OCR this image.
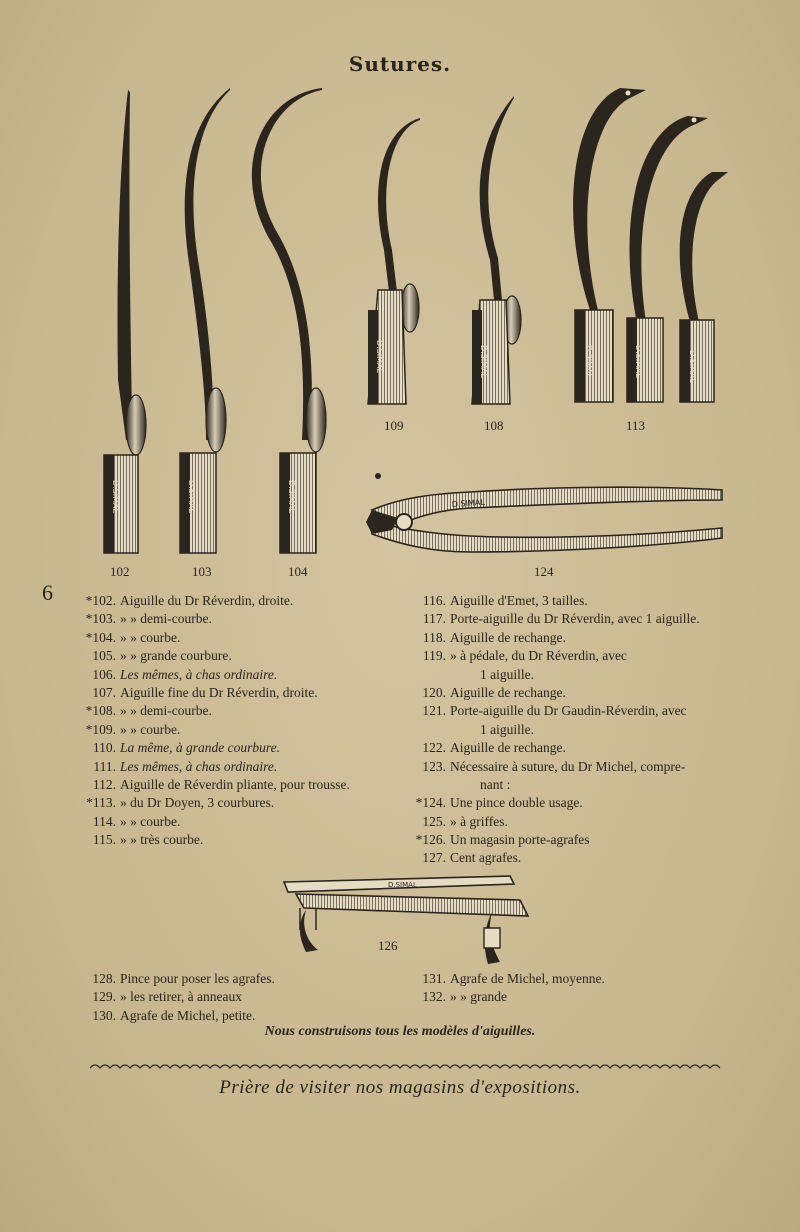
Sutures.
6
D.SIMAL	D.SIMAL	D.SIMAL
D.SIMAL	D.SIMAL	D.SIMAL	D.SIMAL	D.SIMAL
D.SIMAL
D.SIMAL
102	103	104
109	108	113
124
126
*102. Aiguille du Dr Réverdin, droite.
*103. » » demi-courbe.
*104. » » courbe.
105. » » grande courbure.
106. Les mêmes, à chas ordinaire.
107. Aiguille fine du Dr Réverdin, droite.
*108. » » demi-courbe.
*109. » » courbe.
110. La même, à grande courbure.
111. Les mêmes, à chas ordinaire.
112. Aiguille de Réverdin pliante, pour trousse.
*113. » du Dr Doyen, 3 courbures.
114. » » courbe.
115. » » très courbe.
116. Aiguille d'Emet, 3 tailles.
117. Porte-aiguille du Dr Réverdin, avec 1 aiguille.
118. Aiguille de rechange.
119. » à pédale, du Dr Réverdin, avec
1 aiguille.
120. Aiguille de rechange.
121. Porte-aiguille du Dr Gaudin-Réverdin, avec
1 aiguille.
122. Aiguille de rechange.
123. Nécessaire à suture, du Dr Michel, compre-
nant :
*124. Une pince double usage.
125. » à griffes.
*126. Un magasin porte-agrafes
127. Cent agrafes.
128. Pince pour poser les agrafes.
129. » les retirer, à anneaux
130. Agrafe de Michel, petite.
131. Agrafe de Michel, moyenne.
132. » » grande
Nous construisons tous les modèles d'aiguilles.
Prière de visiter nos magasins d'expositions.
